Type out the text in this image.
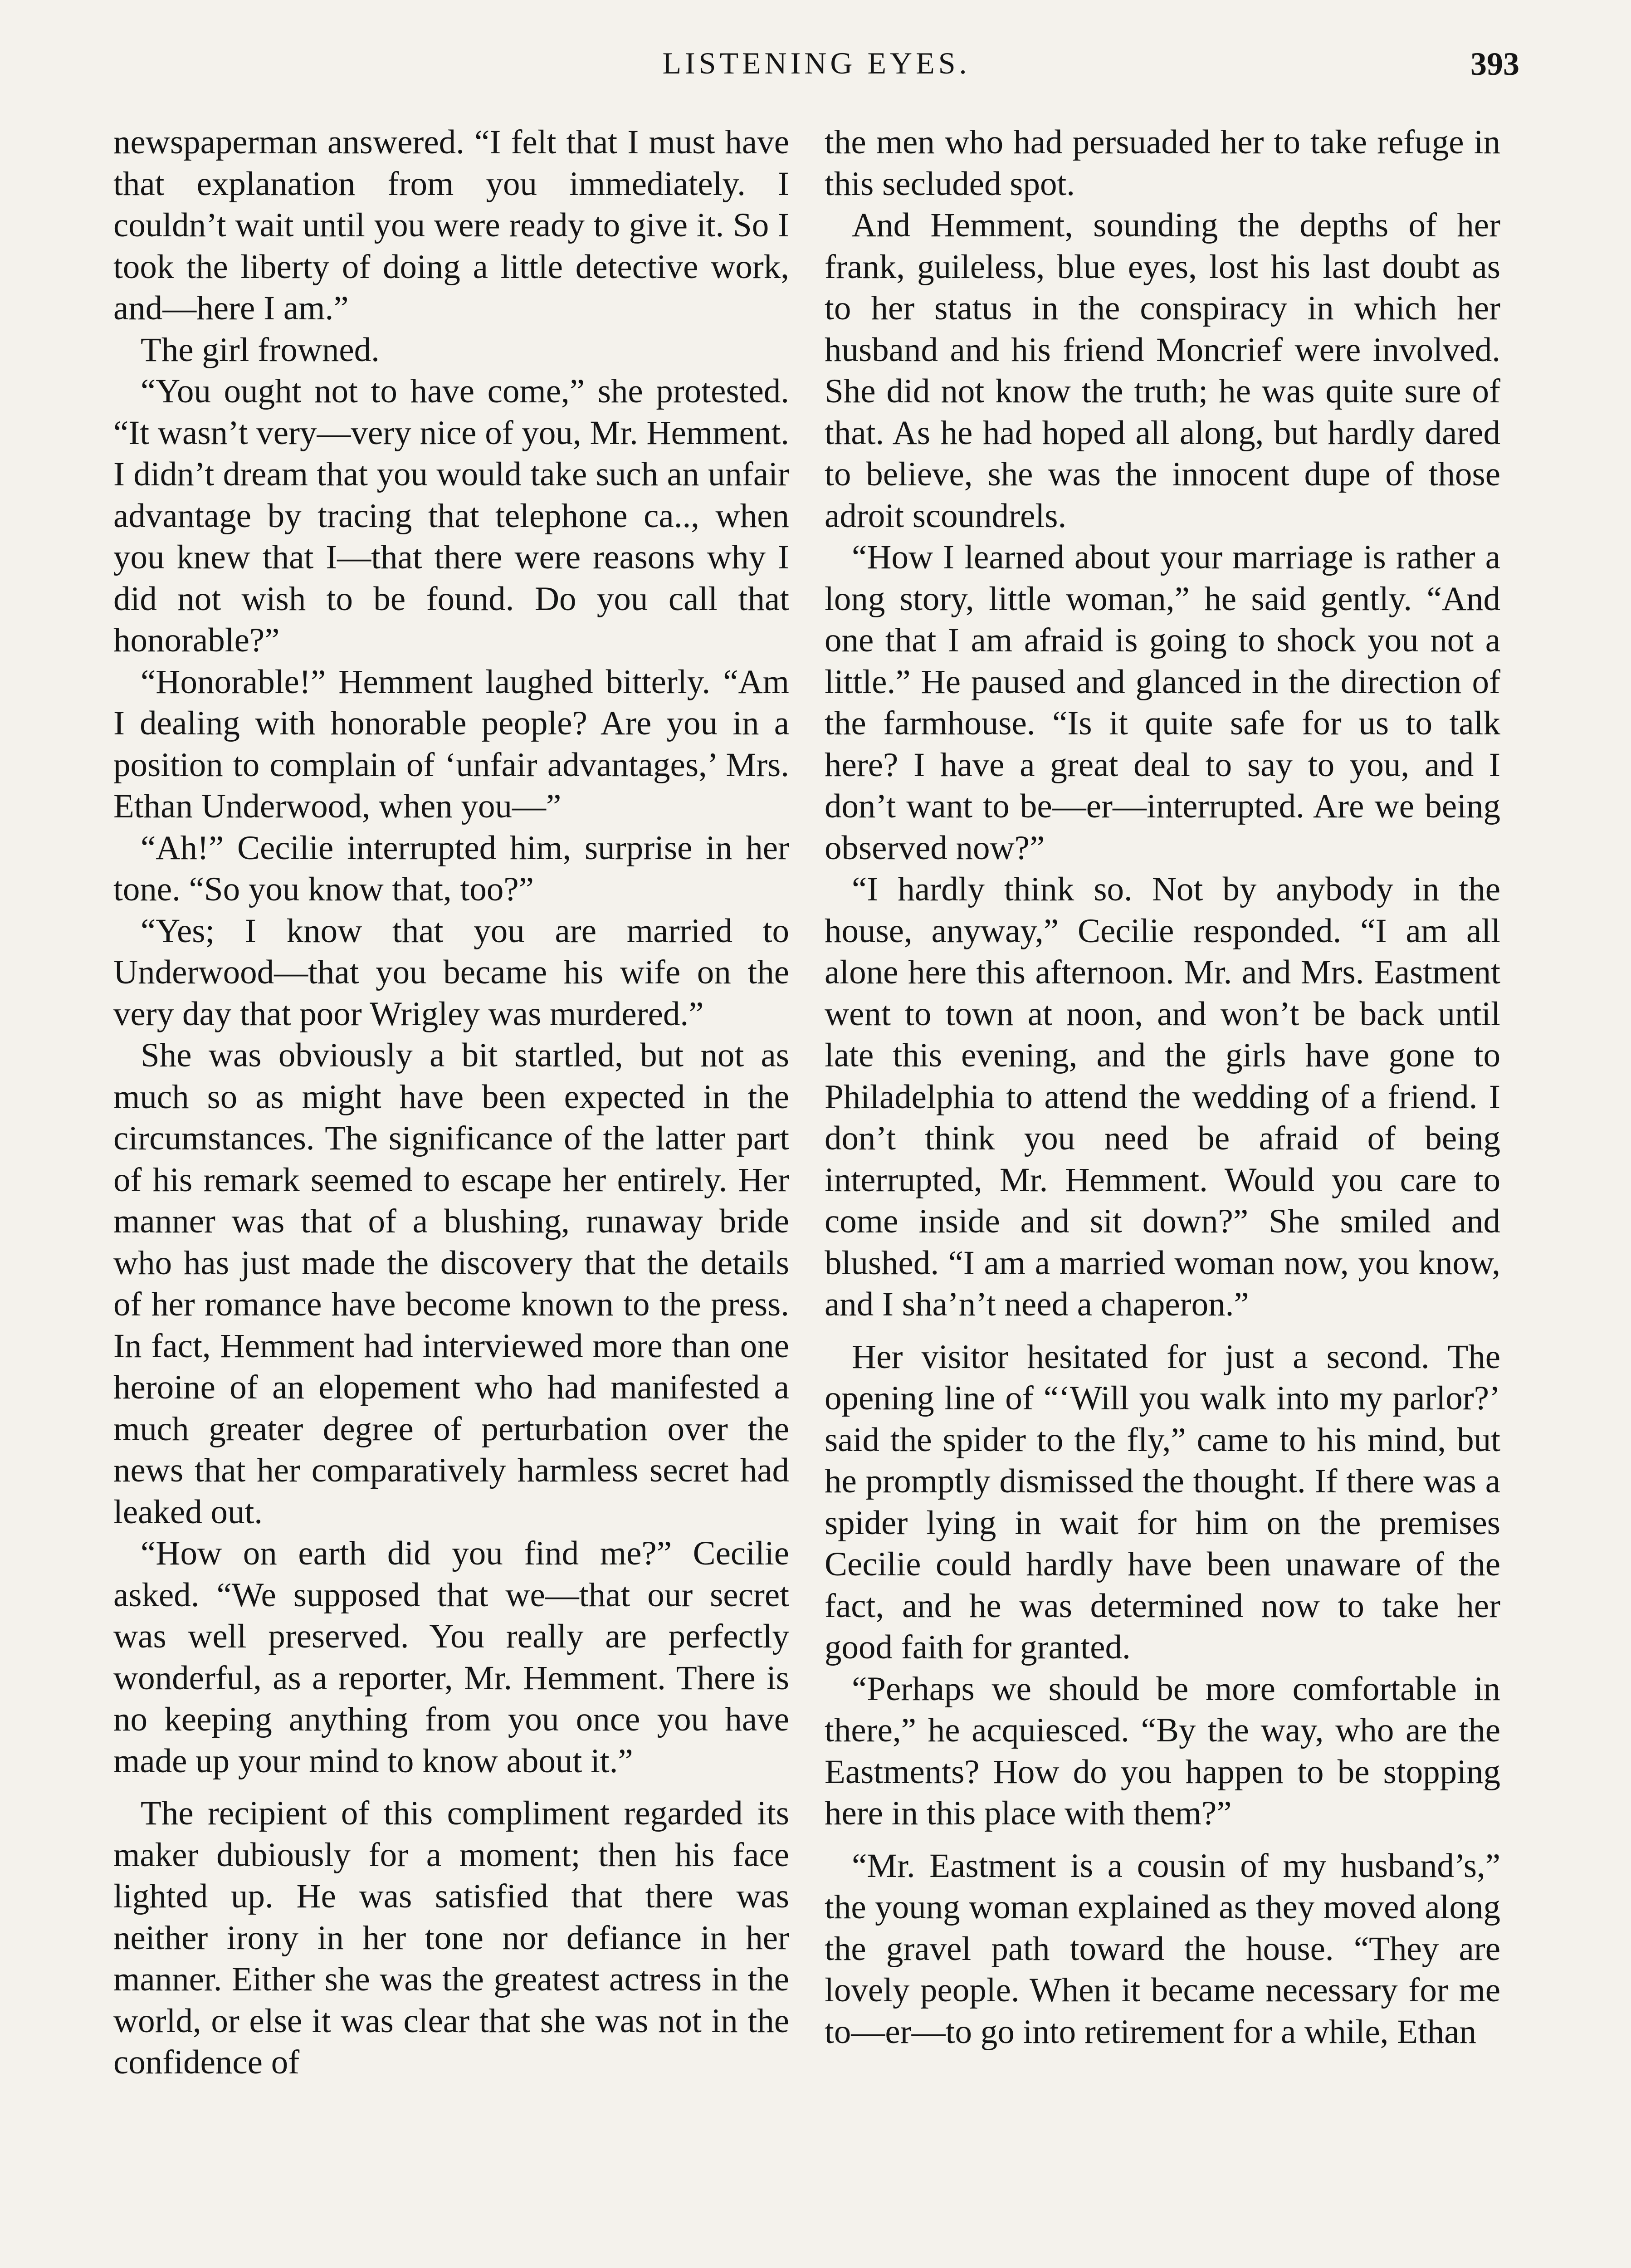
LISTENING EYES.	393

newspaperman answered. “I felt that I must have that explanation from you immediately. I couldn’t wait until you were ready to give it. So I took the liberty of doing a little detective work, and—here I am.”

The girl frowned.

“You ought not to have come,” she protested. “It wasn’t very—very nice of you, Mr. Hemment. I didn’t dream that you would take such an unfair advantage by tracing that telephone ca.., when you knew that I—that there were reasons why I did not wish to be found. Do you call that honorable?”

“Honorable!” Hemment laughed bitterly. “Am I dealing with honorable people? Are you in a position to complain of ‘unfair advantages,’ Mrs. Ethan Underwood, when you—”

“Ah!” Cecilie interrupted him, surprise in her tone. “So you know that, too?”

“Yes; I know that you are married to Underwood—that you became his wife on the very day that poor Wrigley was murdered.”

She was obviously a bit startled, but not as much so as might have been expected in the circumstances. The significance of the latter part of his remark seemed to escape her entirely. Her manner was that of a blushing, runaway bride who has just made the discovery that the details of her romance have become known to the press. In fact, Hemment had interviewed more than one heroine of an elopement who had manifested a much greater degree of perturbation over the news that her comparatively harmless secret had leaked out.

“How on earth did you find me?” Cecilie asked. “We supposed that we—that our secret was well preserved. You really are perfectly wonderful, as a reporter, Mr. Hemment. There is no keeping anything from you once you have made up your mind to know about it.”

The recipient of this compliment regarded its maker dubiously for a moment; then his face lighted up. He was satisfied that there was neither irony in her tone nor defiance in her manner. Either she was the greatest actress in the world, or else it was clear that she was not in the confidence of

the men who had persuaded her to take refuge in this secluded spot.

And Hemment, sounding the depths of her frank, guileless, blue eyes, lost his last doubt as to her status in the conspiracy in which her husband and his friend Moncrief were involved. She did not know the truth; he was quite sure of that. As he had hoped all along, but hardly dared to believe, she was the innocent dupe of those adroit scoundrels.

“How I learned about your marriage is rather a long story, little woman,” he said gently. “And one that I am afraid is going to shock you not a little.” He paused and glanced in the direction of the farmhouse. “Is it quite safe for us to talk here? I have a great deal to say to you, and I don’t want to be—er—interrupted. Are we being observed now?”

“I hardly think so. Not by anybody in the house, anyway,” Cecilie responded. “I am all alone here this afternoon. Mr. and Mrs. Eastment went to town at noon, and won’t be back until late this evening, and the girls have gone to Philadelphia to attend the wedding of a friend. I don’t think you need be afraid of being interrupted, Mr. Hemment. Would you care to come inside and sit down?” She smiled and blushed. “I am a married woman now, you know, and I sha’n’t need a chaperon.”

Her visitor hesitated for just a second. The opening line of “‘Will you walk into my parlor?’ said the spider to the fly,” came to his mind, but he promptly dismissed the thought. If there was a spider lying in wait for him on the premises Cecilie could hardly have been unaware of the fact, and he was determined now to take her good faith for granted.

“Perhaps we should be more comfortable in there,” he acquiesced. “By the way, who are the Eastments? How do you happen to be stopping here in this place with them?”

“Mr. Eastment is a cousin of my husband’s,” the young woman explained as they moved along the gravel path toward the house. “They are lovely people. When it became necessary for me to—er—to go into retirement for a while, Ethan
